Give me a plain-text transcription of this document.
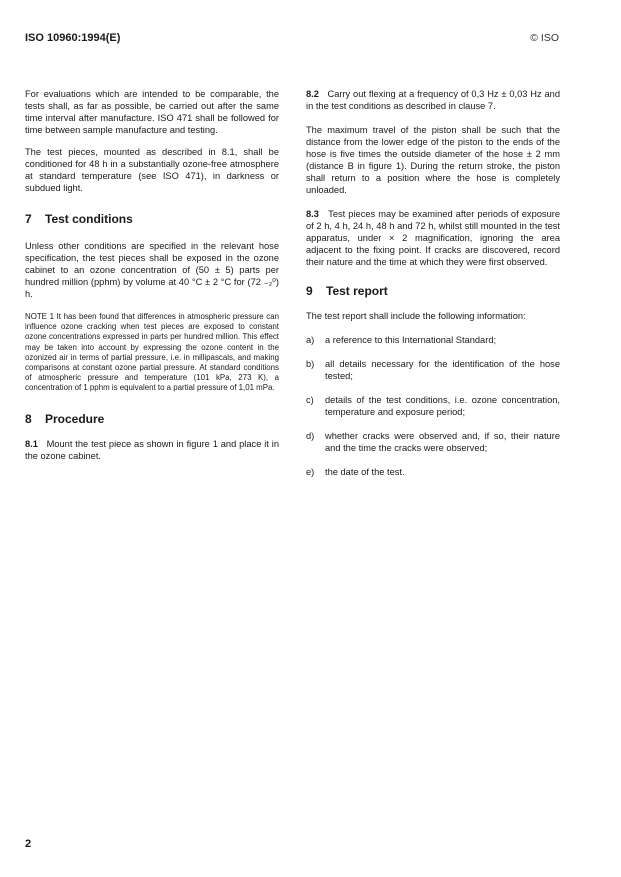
ISO 10960:1994(E)	© ISO

For evaluations which are intended to be comparable, the tests shall, as far as possible, be carried out after the same time interval after manufacture. ISO 471 shall be followed for time between sample manufacture and testing.

The test pieces, mounted as described in 8.1, shall be conditioned for 48 h in a substantially ozone-free atmosphere at standard temperature (see ISO 471), in darkness or subdued light.

7 Test conditions

Unless other conditions are specified in the relevant hose specification, the test pieces shall be exposed in the ozone cabinet to an ozone concentration of (50 ± 5) parts per hundred million (pphm) by volume at 40 °C ± 2 °C for (72 ₋₂⁰) h.

NOTE 1 It has been found that differences in atmospheric pressure can influence ozone cracking when test pieces are exposed to constant ozone concentrations expressed in parts per hundred million. This effect may be taken into account by expressing the ozone content in the ozonized air in terms of partial pressure, i.e. in millipascals, and making comparisons at constant ozone partial pressure. At standard conditions of atmospheric pressure and temperature (101 kPa, 273 K), a concentration of 1 pphm is equivalent to a partial pressure of 1,01 mPa.

8 Procedure

8.1 Mount the test piece as shown in figure 1 and place it in the ozone cabinet.

8.2 Carry out flexing at a frequency of 0,3 Hz ± 0,03 Hz and in the test conditions as described in clause 7.

The maximum travel of the piston shall be such that the distance from the lower edge of the piston to the ends of the hose is five times the outside diameter of the hose ± 2 mm (distance B in figure 1). During the return stroke, the piston shall return to a position where the hose is completely unloaded.

8.3 Test pieces may be examined after periods of exposure of 2 h, 4 h, 24 h, 48 h and 72 h, whilst still mounted in the test apparatus, under × 2 magnification, ignoring the area adjacent to the fixing point. If cracks are discovered, record their nature and the time at which they were first observed.

9 Test report

The test report shall include the following information:

a) a reference to this International Standard;
b) all details necessary for the identification of the hose tested;
c) details of the test conditions, i.e. ozone concentration, temperature and exposure period;
d) whether cracks were observed and, if so, their nature and the time the cracks were observed;
e) the date of the test.
2
